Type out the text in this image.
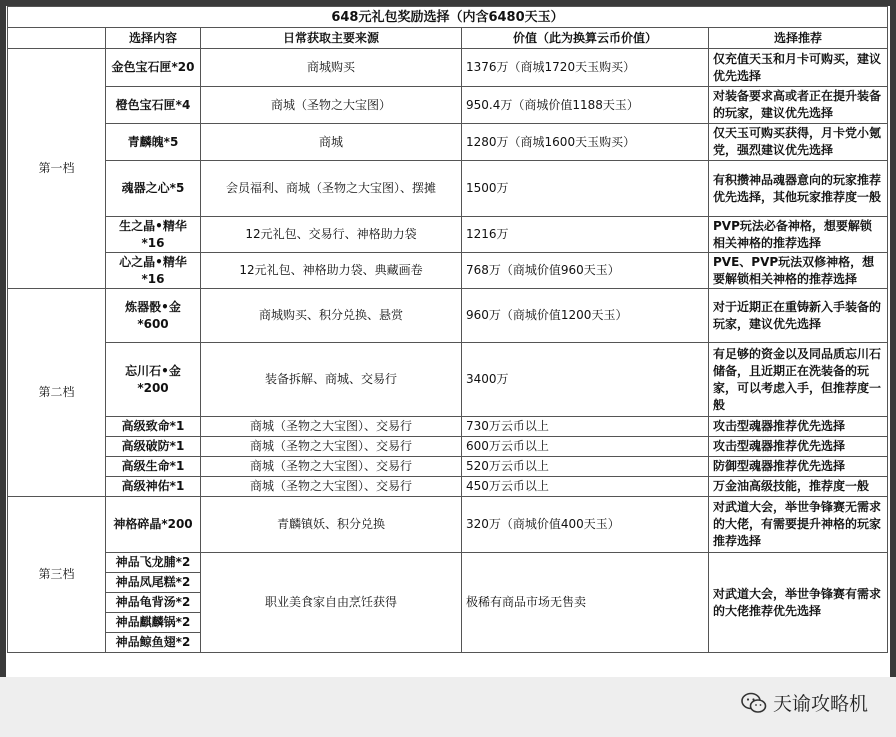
648元礼包奖励选择（内含6480天玉）				
	选择内容	日常获取主要来源	价值（此为换算云币价值）	选择推荐
第一档	金色宝石匣*20	商城购买	1376万（商城1720天玉购买）	仅充值天玉和月卡可购买，建议优先选择
	橙色宝石匣*4	商城（圣物之大宝图）	950.4万（商城价值1188天玉）	对装备要求高或者正在提升装备的玩家，建议优先选择
	青麟魄*5	商城	1280万（商城1600天玉购买）	仅天玉可购买获得，月卡党小氪党，强烈建议优先选择
	魂器之心*5	会员福利、商城（圣物之大宝图）、摆摊	1500万	有积攒神品魂器意向的玩家推荐优先选择，其他玩家推荐度一般
	生之晶•精华*16	12元礼包、交易行、神格助力袋	1216万	PVP玩法必备神格，想要解锁相关神格的推荐选择
	心之晶•精华*16	12元礼包、神格助力袋、典藏画卷	768万（商城价值960天玉）	PVE、PVP玩法双修神格，想要解锁相关神格的推荐选择
第二档	炼器骰•金*600	商城购买、积分兑换、悬赏	960万（商城价值1200天玉）	对于近期正在重铸新入手装备的玩家，建议优先选择
	忘川石•金*200	装备拆解、商城、交易行	3400万	有足够的资金以及同品质忘川石储备，且近期正在洗装备的玩家，可以考虑入手，但推荐度一般
	高级致命*1	商城（圣物之大宝图）、交易行	730万云币以上	攻击型魂器推荐优先选择
	高级破防*1	商城（圣物之大宝图）、交易行	600万云币以上	攻击型魂器推荐优先选择
	高级生命*1	商城（圣物之大宝图）、交易行	520万云币以上	防御型魂器推荐优先选择
	高级神佑*1	商城（圣物之大宝图）、交易行	450万云币以上	万金油高级技能，推荐度一般
第三档	神格碎晶*200	青麟镇妖、积分兑换	320万（商城价值400天玉）	对武道大会，举世争锋赛无需求的大佬，有需要提升神格的玩家推荐选择
	神品飞龙脯*2	职业美食家自由烹饪获得	极稀有商品市场无售卖	对武道大会，举世争锋赛有需求的大佬推荐优先选择
	神品凤尾糕*2			
	神品龟背汤*2			
	神品麒麟锅*2			
	神品鲸鱼翅*2			
天谕攻略机
